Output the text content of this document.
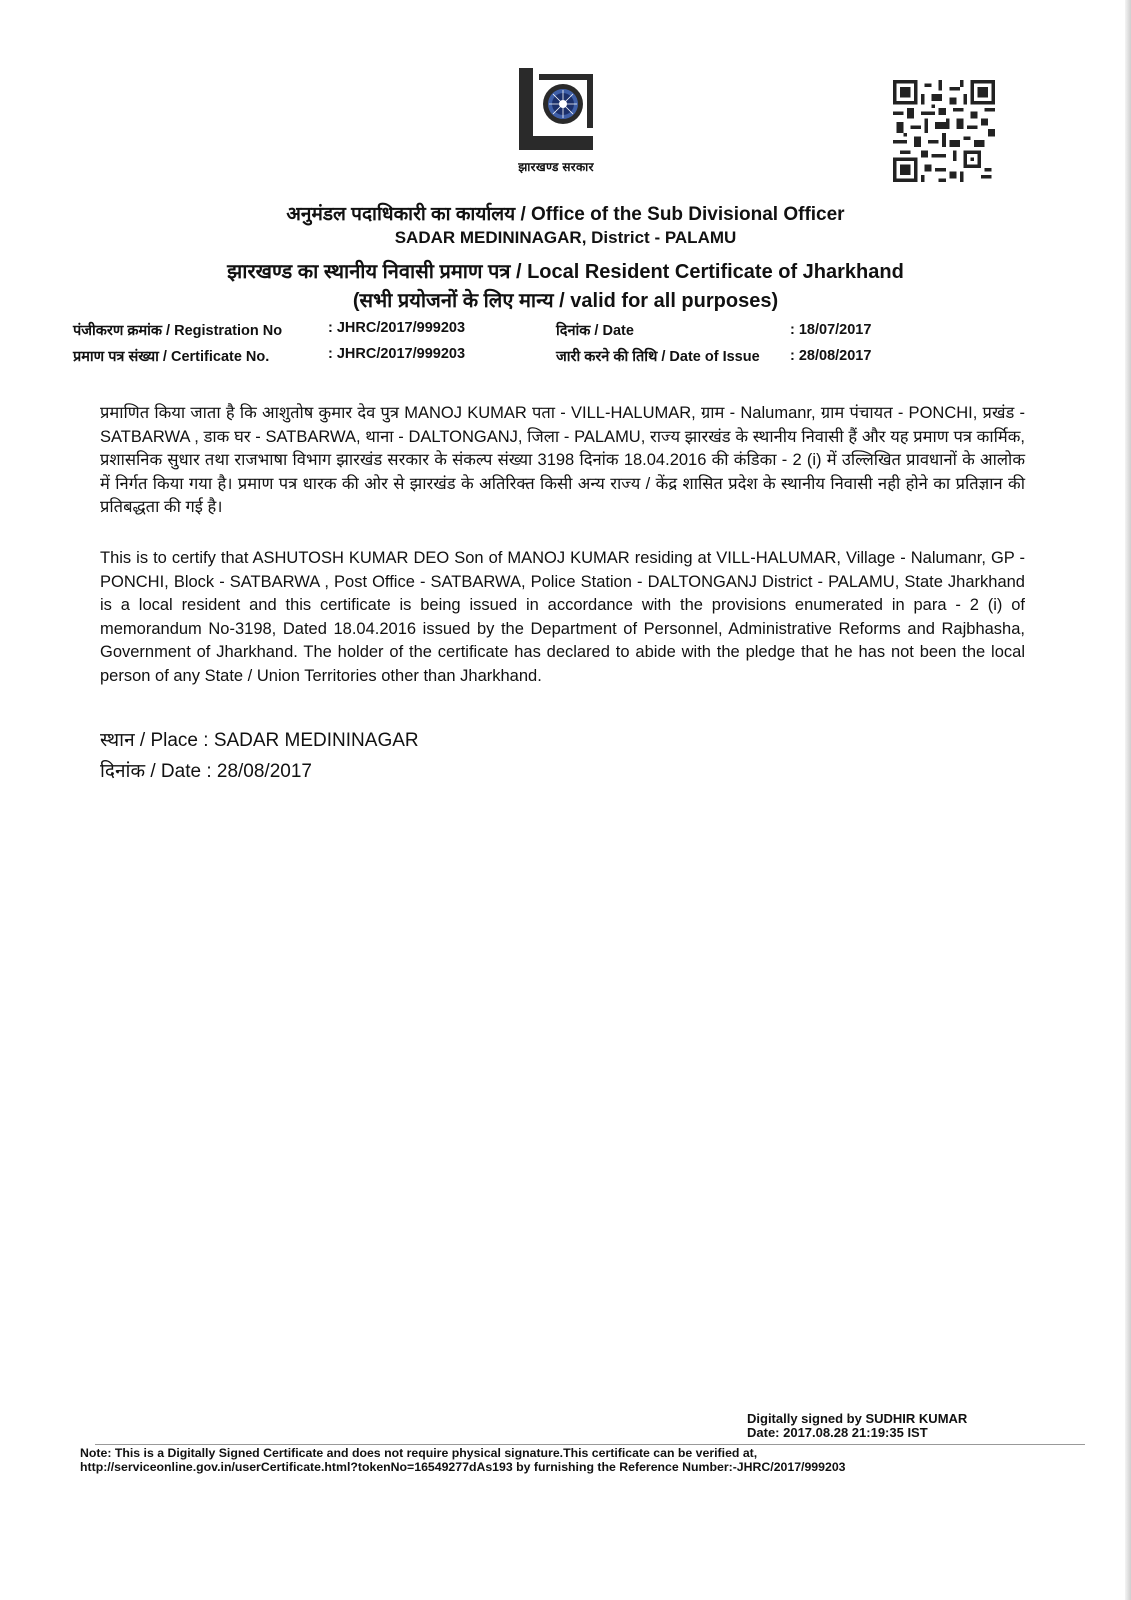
झारखण्ड सरकार
अनुमंडल पदाधिकारी का कार्यालय / Office of the Sub Divisional Officer
SADAR MEDININAGAR, District - PALAMU
झारखण्ड का स्थानीय निवासी प्रमाण पत्र / Local Resident Certificate of Jharkhand
(सभी प्रयोजनों के लिए मान्य / valid for all purposes)
पंजीकरण क्रमांक / Registration No	: JHRC/2017/999203	दिनांक / Date	: 18/07/2017
प्रमाण पत्र संख्या / Certificate No.	: JHRC/2017/999203	जारी करने की तिथि / Date of Issue : 28/08/2017
प्रमाणित किया जाता है कि आशुतोष कुमार देव पुत्र MANOJ KUMAR पता - VILL-HALUMAR, ग्राम - Nalumanr, ग्राम पंचायत - PONCHI, प्रखंड - SATBARWA , डाक घर - SATBARWA, थाना - DALTONGANJ, जिला - PALAMU, राज्य झारखंड के स्थानीय निवासी हैं और यह प्रमाण पत्र कार्मिक, प्रशासनिक सुधार तथा राजभाषा विभाग झारखंड सरकार के संकल्प संख्या 3198 दिनांक 18.04.2016 की कंडिका - 2 (i) में उल्लिखित प्रावधानों के आलोक में निर्गत किया गया है। प्रमाण पत्र धारक की ओर से झारखंड के अतिरिक्त किसी अन्य राज्य / केंद्र शासित प्रदेश के स्थानीय निवासी नही होने का प्रतिज्ञान की प्रतिबद्धता की गई है।
This is to certify that ASHUTOSH KUMAR DEO Son of MANOJ KUMAR residing at VILL-HALUMAR, Village - Nalumanr, GP - PONCHI, Block - SATBARWA , Post Office - SATBARWA, Police Station - DALTONGANJ District - PALAMU, State Jharkhand is a local resident and this certificate is being issued in accordance with the provisions enumerated in para - 2 (i) of memorandum No-3198, Dated 18.04.2016 issued by the Department of Personnel, Administrative Reforms and Rajbhasha, Government of Jharkhand. The holder of the certificate has declared to abide with the pledge that he has not been the local person of any State / Union Territories other than Jharkhand.
स्थान / Place : SADAR MEDININAGAR
दिनांक / Date : 28/08/2017
Digitally signed by SUDHIR KUMAR
Date: 2017.08.28 21:19:35 IST
Note: This is a Digitally Signed Certificate and does not require physical signature.This certificate can be verified at,
http://serviceonline.gov.in/userCertificate.html?tokenNo=16549277dAs193 by furnishing the Reference Number:-JHRC/2017/999203
